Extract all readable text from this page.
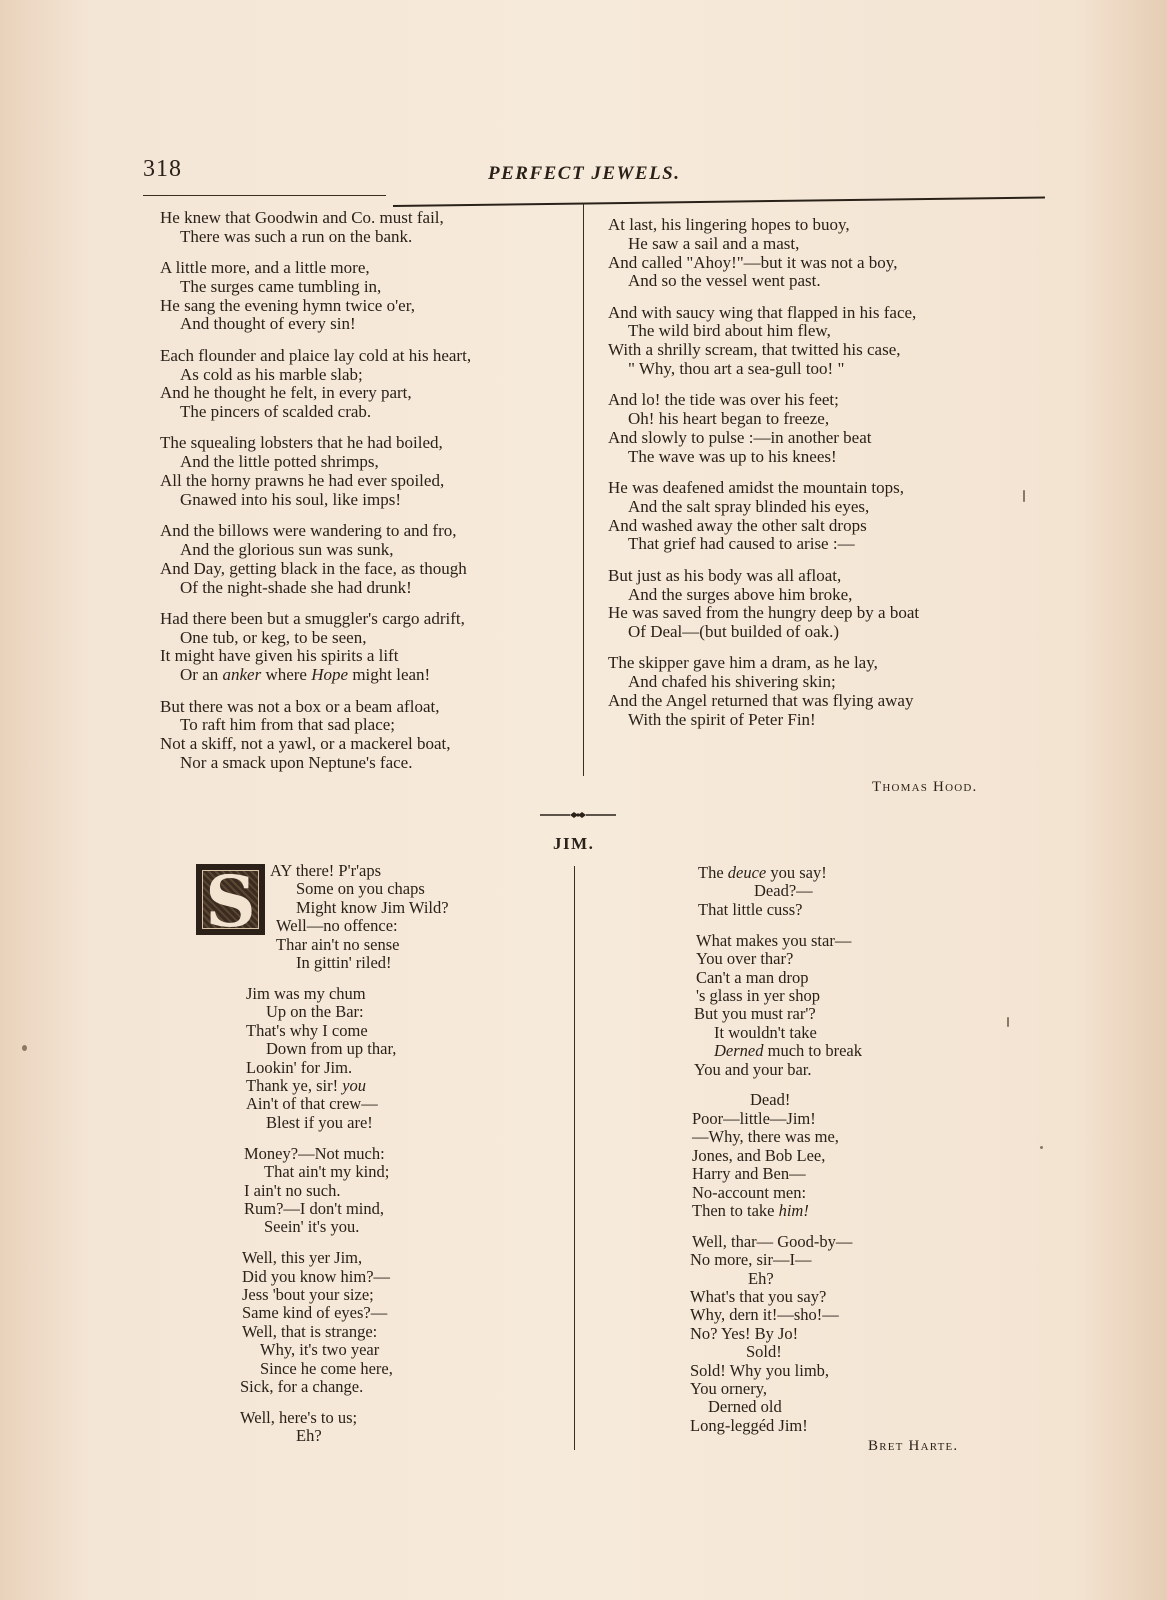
318	PERFECT JEWELS.
He knew that Goodwin and Co. must fail,
There was such a run on the bank.
A little more, and a little more,
The surges came tumbling in,
He sang the evening hymn twice o'er,
And thought of every sin!
Each flounder and plaice lay cold at his heart,
As cold as his marble slab;
And he thought he felt, in every part,
The pincers of scalded crab.
The squealing lobsters that he had boiled,
And the little potted shrimps,
All the horny prawns he had ever spoiled,
Gnawed into his soul, like imps!
And the billows were wandering to and fro,
And the glorious sun was sunk,
And Day, getting black in the face, as though
Of the night-shade she had drunk!
Had there been but a smuggler's cargo adrift,
One tub, or keg, to be seen,
It might have given his spirits a lift
Or an anker where Hope might lean!
But there was not a box or a beam afloat,
To raft him from that sad place;
Not a skiff, not a yawl, or a mackerel boat,
Nor a smack upon Neptune's face.
At last, his lingering hopes to buoy,
He saw a sail and a mast,
And called "Ahoy!"—but it was not a boy,
And so the vessel went past.
And with saucy wing that flapped in his face,
The wild bird about him flew,
With a shrilly scream, that twitted his case,
" Why, thou art a sea-gull too! "
And lo! the tide was over his feet;
Oh! his heart began to freeze,
And slowly to pulse :—in another beat
The wave was up to his knees!
He was deafened amidst the mountain tops,
And the salt spray blinded his eyes,
And washed away the other salt drops
That grief had caused to arise :—
But just as his body was all afloat,
And the surges above him broke,
He was saved from the hungry deep by a boat
Of Deal—(but builded of oak.)
The skipper gave him a dram, as he lay,
And chafed his shivering skin;
And the Angel returned that was flying away
With the spirit of Peter Fin!
Thomas Hood.
JIM.
S AY there! P'r'aps
Some on you chaps
Might know Jim Wild?
Well—no offence:
Thar ain't no sense
In gittin' riled!
Jim was my chum
Up on the Bar:
That's why I come
Down from up thar,
Lookin' for Jim.
Thank ye, sir! you
Ain't of that crew—
Blest if you are!
Money?—Not much:
That ain't my kind;
I ain't no such.
Rum?—I don't mind,
Seein' it's you.
Well, this yer Jim,
Did you know him?—
Jess 'bout your size;
Same kind of eyes?—
Well, that is strange:
Why, it's two year
Since he come here,
Sick, for a change.
Well, here's to us;
Eh?
The deuce you say!
Dead?—
That little cuss?
What makes you star—
You over thar?
Can't a man drop
's glass in yer shop
But you must rar'?
It wouldn't take
Derned much to break
You and your bar.
Dead!
Poor—little—Jim!
—Why, there was me,
Jones, and Bob Lee,
Harry and Ben—
No-account men:
Then to take him!
Well, thar— Good-by—
No more, sir—I—
Eh?
What's that you say?
Why, dern it!—sho!—
No? Yes! By Jo!
Sold!
Sold! Why you limb,
You ornery,
Derned old
Long-leggéd Jim!
Bret Harte.
